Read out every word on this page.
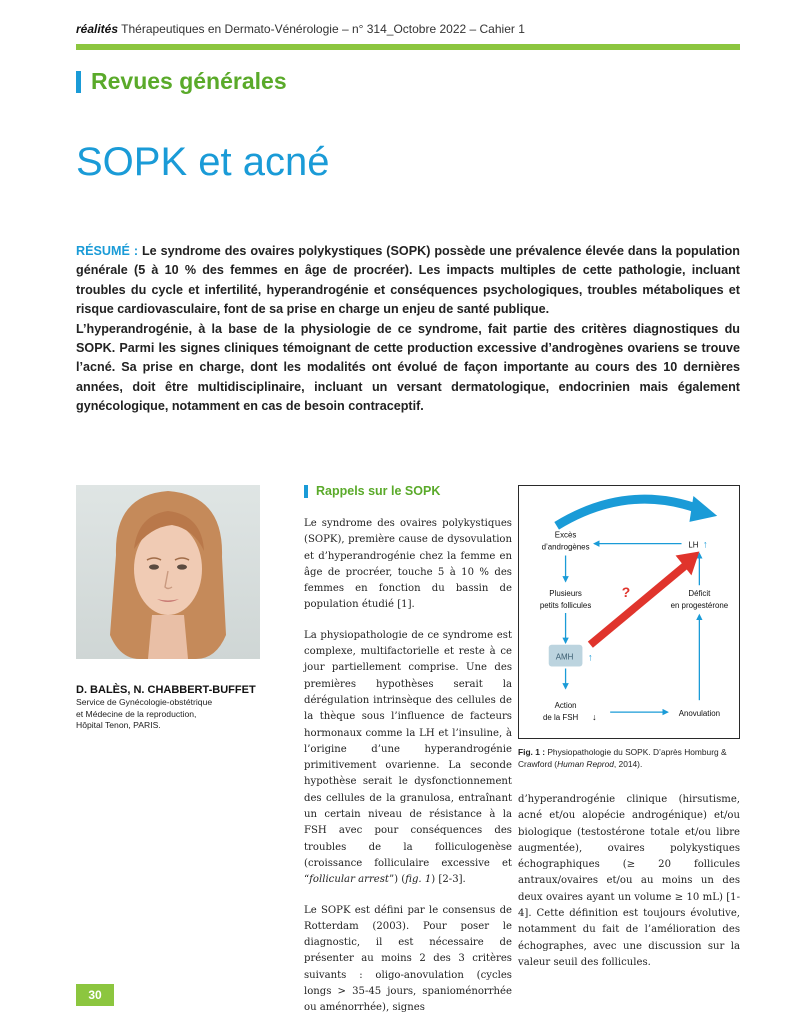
réalités Thérapeutiques en Dermato-Vénérologie – n° 314_Octobre 2022 – Cahier 1
Revues générales
SOPK et acné

RÉSUMÉ : Le syndrome des ovaires polykystiques (SOPK) possède une prévalence élevée dans la population générale (5 à 10 % des femmes en âge de procréer). Les impacts multiples de cette pathologie, incluant troubles du cycle et infertilité, hyperandrogénie et conséquences psychologiques, troubles métaboliques et risque cardiovasculaire, font de sa prise en charge un enjeu de santé publique.

L’hyperandrogénie, à la base de la physiologie de ce syndrome, fait partie des critères diagnostiques du SOPK. Parmi les signes cliniques témoignant de cette production excessive d’androgènes ovariens se trouve l’acné. Sa prise en charge, dont les modalités ont évolué de façon importante au cours des 10 dernières années, doit être multidisciplinaire, incluant un versant dermatologique, endocrinien mais également gynécologique, notamment en cas de besoin contraceptif.

D. BALÈS, N. CHABBERT-BUFFET
Service de Gynécologie-obstétrique
et Médecine de la reproduction,
Hôpital Tenon, PARIS.
Rappels sur le SOPK

Le syndrome des ovaires polykystiques (SOPK), première cause de dysovulation et d’hyperandrogénie chez la femme en âge de procréer, touche 5 à 10 % des femmes en fonction du bassin de population étudié [1].

La physiopathologie de ce syndrome est complexe, multifactorielle et reste à ce jour partiellement comprise. Une des premières hypothèses serait la dérégulation intrinsèque des cellules de la thèque sous l’influence de facteurs hormonaux comme la LH et l’insuline, à l’origine d’une hyperandrogénie primitivement ovarienne. La seconde hypothèse serait le dysfonctionnement des cellules de la granulosa, entraînant un certain niveau de résistance à la FSH avec pour conséquences des troubles de la folliculogenèse (croissance folliculaire excessive et “follicular arrest”) (fig. 1) [2-3].

Le SOPK est défini par le consensus de Rotterdam (2003). Pour poser le diagnostic, il est nécessaire de présenter au moins 2 des 3 critères suivants : oligo-anovulation (cycles longs > 35-45 jours, spanioménorrhée ou aménorrhée), signes

Excès
d’androgènes	LH ↑
Plusieurs
petits follicules
?	Déficit
en progestérone
AMH ↑
Action
de la FSH ↓	Anovulation
Fig. 1 : Physiopathologie du SOPK. D’après Homburg & Crawford (Human Reprod, 2014).

d’hyperandrogénie clinique (hirsutisme, acné et/ou alopécie androgénique) et/ou biologique (testostérone totale et/ou libre augmentée), ovaires polykystiques échographiques (≥ 20 follicules antraux/ovaires et/ou au moins un des deux ovaires ayant un volume ≥ 10 mL) [1-4]. Cette définition est toujours évolutive, notamment du fait de l’amélioration des échographes, avec une discussion sur la valeur seuil des follicules.

30
